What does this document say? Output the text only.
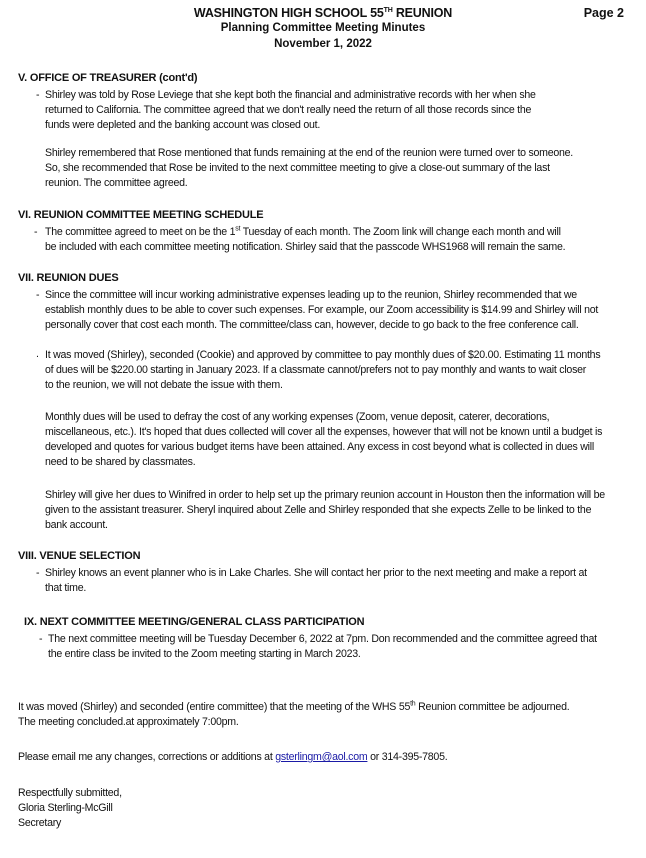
WASHINGTON HIGH SCHOOL 55TH REUNION
Planning Committee Meeting Minutes
November 1, 2022
Page 2
V. OFFICE OF TREASURER (cont'd)
- Shirley was told by Rose Leviege that she kept both the financial and administrative records with her when she
returned to California. The committee agreed that we don't really need the return of all those records since the
funds were depleted and the banking account was closed out.
Shirley remembered that Rose mentioned that funds remaining at the end of the reunion were turned over to someone.
So, she recommended that Rose be invited to the next committee meeting to give a close-out summary of the last
reunion. The committee agreed.
VI. REUNION COMMITTEE MEETING SCHEDULE
- The committee agreed to meet on be the 1st Tuesday of each month. The Zoom link will change each month and will
be included with each committee meeting notification. Shirley said that the passcode WHS1968 will remain the same.
VII. REUNION DUES
- Since the committee will incur working administrative expenses leading up to the reunion, Shirley recommended that we
establish monthly dues to be able to cover such expenses. For example, our Zoom accessibility is $14.99 and Shirley will not
personally cover that cost each month. The committee/class can, however, decide to go back to the free conference call.
. It was moved (Shirley), seconded (Cookie) and approved by committee to pay monthly dues of $20.00. Estimating 11 months
of dues will be $220.00 starting in January 2023. If a classmate cannot/prefers not to pay monthly and wants to wait closer
to the reunion, we will not debate the issue with them.
Monthly dues will be used to defray the cost of any working expenses (Zoom, venue deposit, caterer, decorations,
miscellaneous, etc.). It's hoped that dues collected will cover all the expenses, however that will not be known until a budget is
developed and quotes for various budget items have been attained. Any excess in cost beyond what is collected in dues will
need to be shared by classmates.
Shirley will give her dues to Winifred in order to help set up the primary reunion account in Houston then the information will be
given to the assistant treasurer. Sheryl inquired about Zelle and Shirley responded that she expects Zelle to be linked to the
bank account.
VIII. VENUE SELECTION
- Shirley knows an event planner who is in Lake Charles. She will contact her prior to the next meeting and make a report at
that time.
IX. NEXT COMMITTEE MEETING/GENERAL CLASS PARTICIPATION
- The next committee meeting will be Tuesday December 6, 2022 at 7pm. Don recommended and the committee agreed that
the entire class be invited to the Zoom meeting starting in March 2023.
It was moved (Shirley) and seconded (entire committee) that the meeting of the WHS 55th Reunion committee be adjourned.
The meeting concluded.at approximately 7:00pm.
Please email me any changes, corrections or additions at gsterlingm@aol.com or 314-395-7805.
Respectfully submitted,
Gloria Sterling-McGill
Secretary
